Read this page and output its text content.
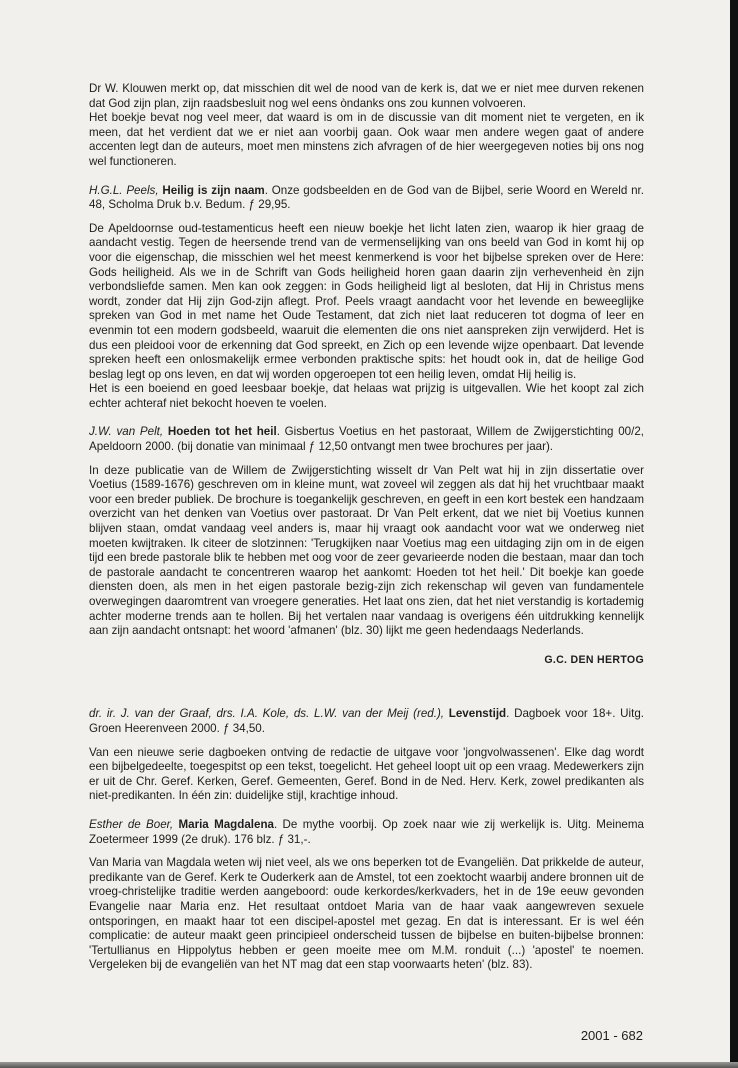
Dr W. Klouwen merkt op, dat misschien dit wel de nood van de kerk is, dat we er niet mee durven rekenen dat God zijn plan, zijn raadsbesluit nog wel eens òndanks ons zou kunnen volvoeren.

Het boekje bevat nog veel meer, dat waard is om in de discussie van dit moment niet te vergeten, en ik meen, dat het verdient dat we er niet aan voorbij gaan. Ook waar men andere wegen gaat of andere accenten legt dan de auteurs, moet men minstens zich afvragen of de hier weergegeven noties bij ons nog wel functioneren.

H.G.L. Peels, Heilig is zijn naam. Onze godsbeelden en de God van de Bijbel, serie Woord en Wereld nr. 48, Scholma Druk b.v. Bedum. ƒ 29,95.

De Apeldoornse oud-testamenticus heeft een nieuw boekje het licht laten zien, waarop ik hier graag de aandacht vestig. Tegen de heersende trend van de vermenselijking van ons beeld van God in komt hij op voor die eigenschap, die misschien wel het meest kenmerkend is voor het bijbelse spreken over de Here: Gods heiligheid. Als we in de Schrift van Gods heiligheid horen gaan daarin zijn verhevenheid èn zijn verbondsliefde samen. Men kan ook zeggen: in Gods heiligheid ligt al besloten, dat Hij in Christus mens wordt, zonder dat Hij zijn God-zijn aflegt. Prof. Peels vraagt aandacht voor het levende en beweeglijke spreken van God in met name het Oude Testament, dat zich niet laat reduceren tot dogma of leer en evenmin tot een modern godsbeeld, waaruit die elementen die ons niet aanspreken zijn verwijderd. Het is dus een pleidooi voor de erkenning dat God spreekt, en Zich op een levende wijze openbaart. Dat levende spreken heeft een onlosmakelijk ermee verbonden praktische spits: het houdt ook in, dat de heilige God beslag legt op ons leven, en dat wij worden opgeroepen tot een heilig leven, omdat Hij heilig is.

Het is een boeiend en goed leesbaar boekje, dat helaas wat prijzig is uitgevallen. Wie het koopt zal zich echter achteraf niet bekocht hoeven te voelen.

J.W. van Pelt, Hoeden tot het heil. Gisbertus Voetius en het pastoraat, Willem de Zwijgerstichting 00/2, Apeldoorn 2000. (bij donatie van minimaal ƒ 12,50 ontvangt men twee brochures per jaar).

In deze publicatie van de Willem de Zwijgerstichting wisselt dr Van Pelt wat hij in zijn dissertatie over Voetius (1589-1676) geschreven om in kleine munt, wat zoveel wil zeggen als dat hij het vruchtbaar maakt voor een breder publiek. De brochure is toegankelijk geschreven, en geeft in een kort bestek een handzaam overzicht van het denken van Voetius over pastoraat. Dr Van Pelt erkent, dat we niet bij Voetius kunnen blijven staan, omdat vandaag veel anders is, maar hij vraagt ook aandacht voor wat we onderweg niet moeten kwijtraken. Ik citeer de slotzinnen: 'Terugkijken naar Voetius mag een uitdaging zijn om in de eigen tijd een brede pastorale blik te hebben met oog voor de zeer gevarieerde noden die bestaan, maar dan toch de pastorale aandacht te concentreren waarop het aankomt: Hoeden tot het heil.' Dit boekje kan goede diensten doen, als men in het eigen pastorale bezig-zijn zich rekenschap wil geven van fundamentele overwegingen daaromtrent van vroegere generaties. Het laat ons zien, dat het niet verstandig is kortademig achter moderne trends aan te hollen. Bij het vertalen naar vandaag is overigens één uitdrukking kennelijk aan zijn aandacht ontsnapt: het woord 'afmanen' (blz. 30) lijkt me geen hedendaags Nederlands.

G.C. DEN HERTOG

dr. ir. J. van der Graaf, drs. I.A. Kole, ds. L.W. van der Meij (red.), Levenstijd. Dagboek voor 18+. Uitg. Groen Heerenveen 2000. ƒ 34,50.

Van een nieuwe serie dagboeken ontving de redactie de uitgave voor 'jongvolwassenen'. Elke dag wordt een bijbelgedeelte, toegespitst op een tekst, toegelicht. Het geheel loopt uit op een vraag. Medewerkers zijn er uit de Chr. Geref. Kerken, Geref. Gemeenten, Geref. Bond in de Ned. Herv. Kerk, zowel predikanten als niet-predikanten. In één zin: duidelijke stijl, krachtige inhoud.

Esther de Boer, Maria Magdalena. De mythe voorbij. Op zoek naar wie zij werkelijk is. Uitg. Meinema Zoetermeer 1999 (2e druk). 176 blz. ƒ 31,-.

Van Maria van Magdala weten wij niet veel, als we ons beperken tot de Evangeliën. Dat prikkelde de auteur, predikante van de Geref. Kerk te Ouderkerk aan de Amstel, tot een zoektocht waarbij andere bronnen uit de vroeg-christelijke traditie werden aangeboord: oude kerkordes/kerkvaders, het in de 19e eeuw gevonden Evangelie naar Maria enz. Het resultaat ontdoet Maria van de haar vaak aangewreven sexuele ontsporingen, en maakt haar tot een discipel-apostel met gezag. En dat is interessant. Er is wel één complicatie: de auteur maakt geen principieel onderscheid tussen de bijbelse en buiten-bijbelse bronnen: 'Tertullianus en Hippolytus hebben er geen moeite mee om M.M. ronduit (...) 'apostel' te noemen. Vergeleken bij de evangeliën van het NT mag dat een stap voorwaarts heten' (blz. 83).

2001 - 682
